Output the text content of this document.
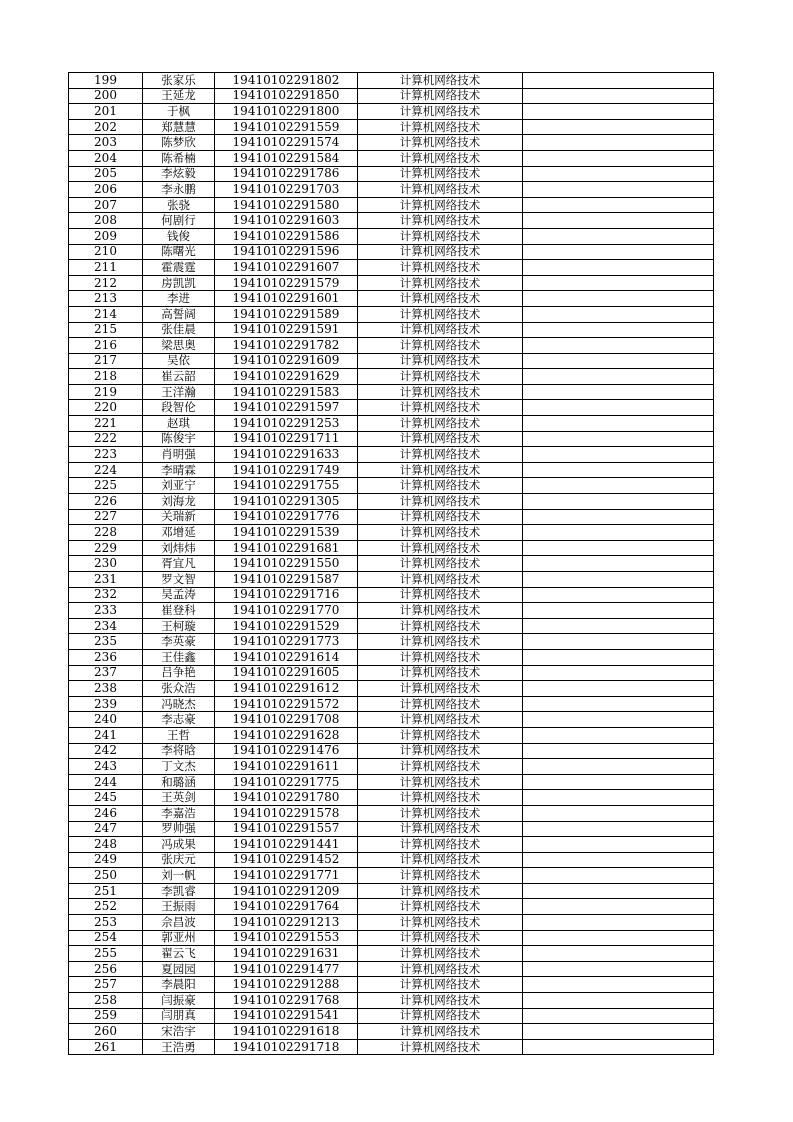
199	张家乐	19410102291802	计算机网络技术	
200	王延龙	19410102291850	计算机网络技术	
201	于枫	19410102291800	计算机网络技术	
202	郑慧慧	19410102291559	计算机网络技术	
203	陈梦欣	19410102291574	计算机网络技术	
204	陈希楠	19410102291584	计算机网络技术	
205	李炫毅	19410102291786	计算机网络技术	
206	李永鹏	19410102291703	计算机网络技术	
207	张骁	19410102291580	计算机网络技术	
208	何剧行	19410102291603	计算机网络技术	
209	钱俊	19410102291586	计算机网络技术	
210	陈曙光	19410102291596	计算机网络技术	
211	霍震霆	19410102291607	计算机网络技术	
212	房凯凯	19410102291579	计算机网络技术	
213	李进	19410102291601	计算机网络技术	
214	高誓阔	19410102291589	计算机网络技术	
215	张佳晨	19410102291591	计算机网络技术	
216	梁思奥	19410102291782	计算机网络技术	
217	吴依	19410102291609	计算机网络技术	
218	崔云韶	19410102291629	计算机网络技术	
219	王洋瀚	19410102291583	计算机网络技术	
220	段智伦	19410102291597	计算机网络技术	
221	赵琪	19410102291253	计算机网络技术	
222	陈俊宇	19410102291711	计算机网络技术	
223	肖明强	19410102291633	计算机网络技术	
224	李晴霖	19410102291749	计算机网络技术	
225	刘亚宁	19410102291755	计算机网络技术	
226	刘海龙	19410102291305	计算机网络技术	
227	关瑞新	19410102291776	计算机网络技术	
228	邓增延	19410102291539	计算机网络技术	
229	刘炜炜	19410102291681	计算机网络技术	
230	胥宜凡	19410102291550	计算机网络技术	
231	罗文智	19410102291587	计算机网络技术	
232	吴孟涛	19410102291716	计算机网络技术	
233	崔登科	19410102291770	计算机网络技术	
234	王柯璇	19410102291529	计算机网络技术	
235	李英豪	19410102291773	计算机网络技术	
236	王佳鑫	19410102291614	计算机网络技术	
237	吕争艳	19410102291605	计算机网络技术	
238	张众浩	19410102291612	计算机网络技术	
239	冯晓杰	19410102291572	计算机网络技术	
240	李志豪	19410102291708	计算机网络技术	
241	王哲	19410102291628	计算机网络技术	
242	李将晗	19410102291476	计算机网络技术	
243	丁文杰	19410102291611	计算机网络技术	
244	和璐涵	19410102291775	计算机网络技术	
245	王英剑	19410102291780	计算机网络技术	
246	李嘉浩	19410102291578	计算机网络技术	
247	罗帅强	19410102291557	计算机网络技术	
248	冯成果	19410102291441	计算机网络技术	
249	张庆元	19410102291452	计算机网络技术	
250	刘一帆	19410102291771	计算机网络技术	
251	李凯睿	19410102291209	计算机网络技术	
252	王振雨	19410102291764	计算机网络技术	
253	佘昌波	19410102291213	计算机网络技术	
254	郭亚州	19410102291553	计算机网络技术	
255	翟云飞	19410102291631	计算机网络技术	
256	夏园园	19410102291477	计算机网络技术	
257	李晨阳	19410102291288	计算机网络技术	
258	闫振豪	19410102291768	计算机网络技术	
259	闫朋真	19410102291541	计算机网络技术	
260	宋浩宇	19410102291618	计算机网络技术	
261	王浩勇	19410102291718	计算机网络技术	
